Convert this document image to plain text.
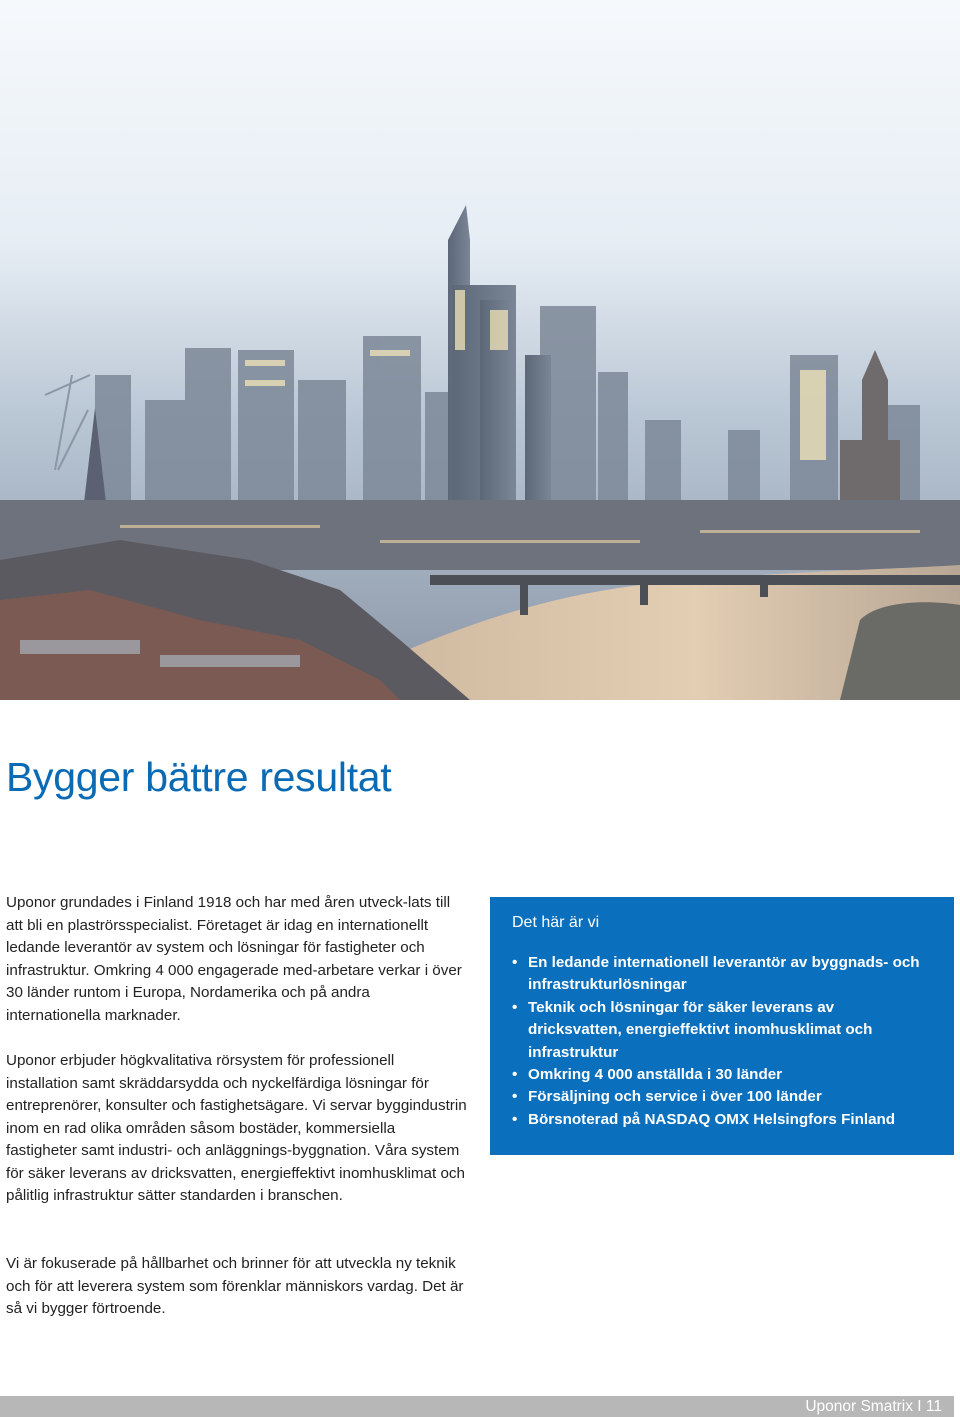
Bygger bättre resultat

Uponor grundades i Finland 1918 och har med åren utveck-lats till att bli en plaströrsspecialist. Företaget är idag en internationellt ledande leverantör av system och lösningar för fastigheter och infrastruktur. Omkring 4 000 engagerade med-arbetare verkar i över 30 länder runtom i Europa, Nordamerika och på andra internationella marknader.

Uponor erbjuder högkvalitativa rörsystem för professionell installation samt skräddarsydda och nyckelfärdiga lösningar för entreprenörer, konsulter och fastighetsägare. Vi servar byggindustrin inom en rad olika områden såsom bostäder, kommersiella fastigheter samt industri- och anläggnings-byggnation. Våra system för säker leverans av dricksvatten, energieffektivt inomhusklimat och pålitlig infrastruktur sätter standarden i branschen.

Vi är fokuserade på hållbarhet och brinner för att utveckla ny teknik och för att leverera system som förenklar människors vardag. Det är så vi bygger förtroende.

Det här är vi
• En ledande internationell leverantör av byggnads- och infrastrukturlösningar
• Teknik och lösningar för säker leverans av dricksvatten, energieffektivt inomhusklimat och infrastruktur
• Omkring 4 000 anställda i 30 länder
• Försäljning och service i över 100 länder
• Börsnoterad på NASDAQ OMX Helsingfors Finland
Uponor Smatrix I 11
